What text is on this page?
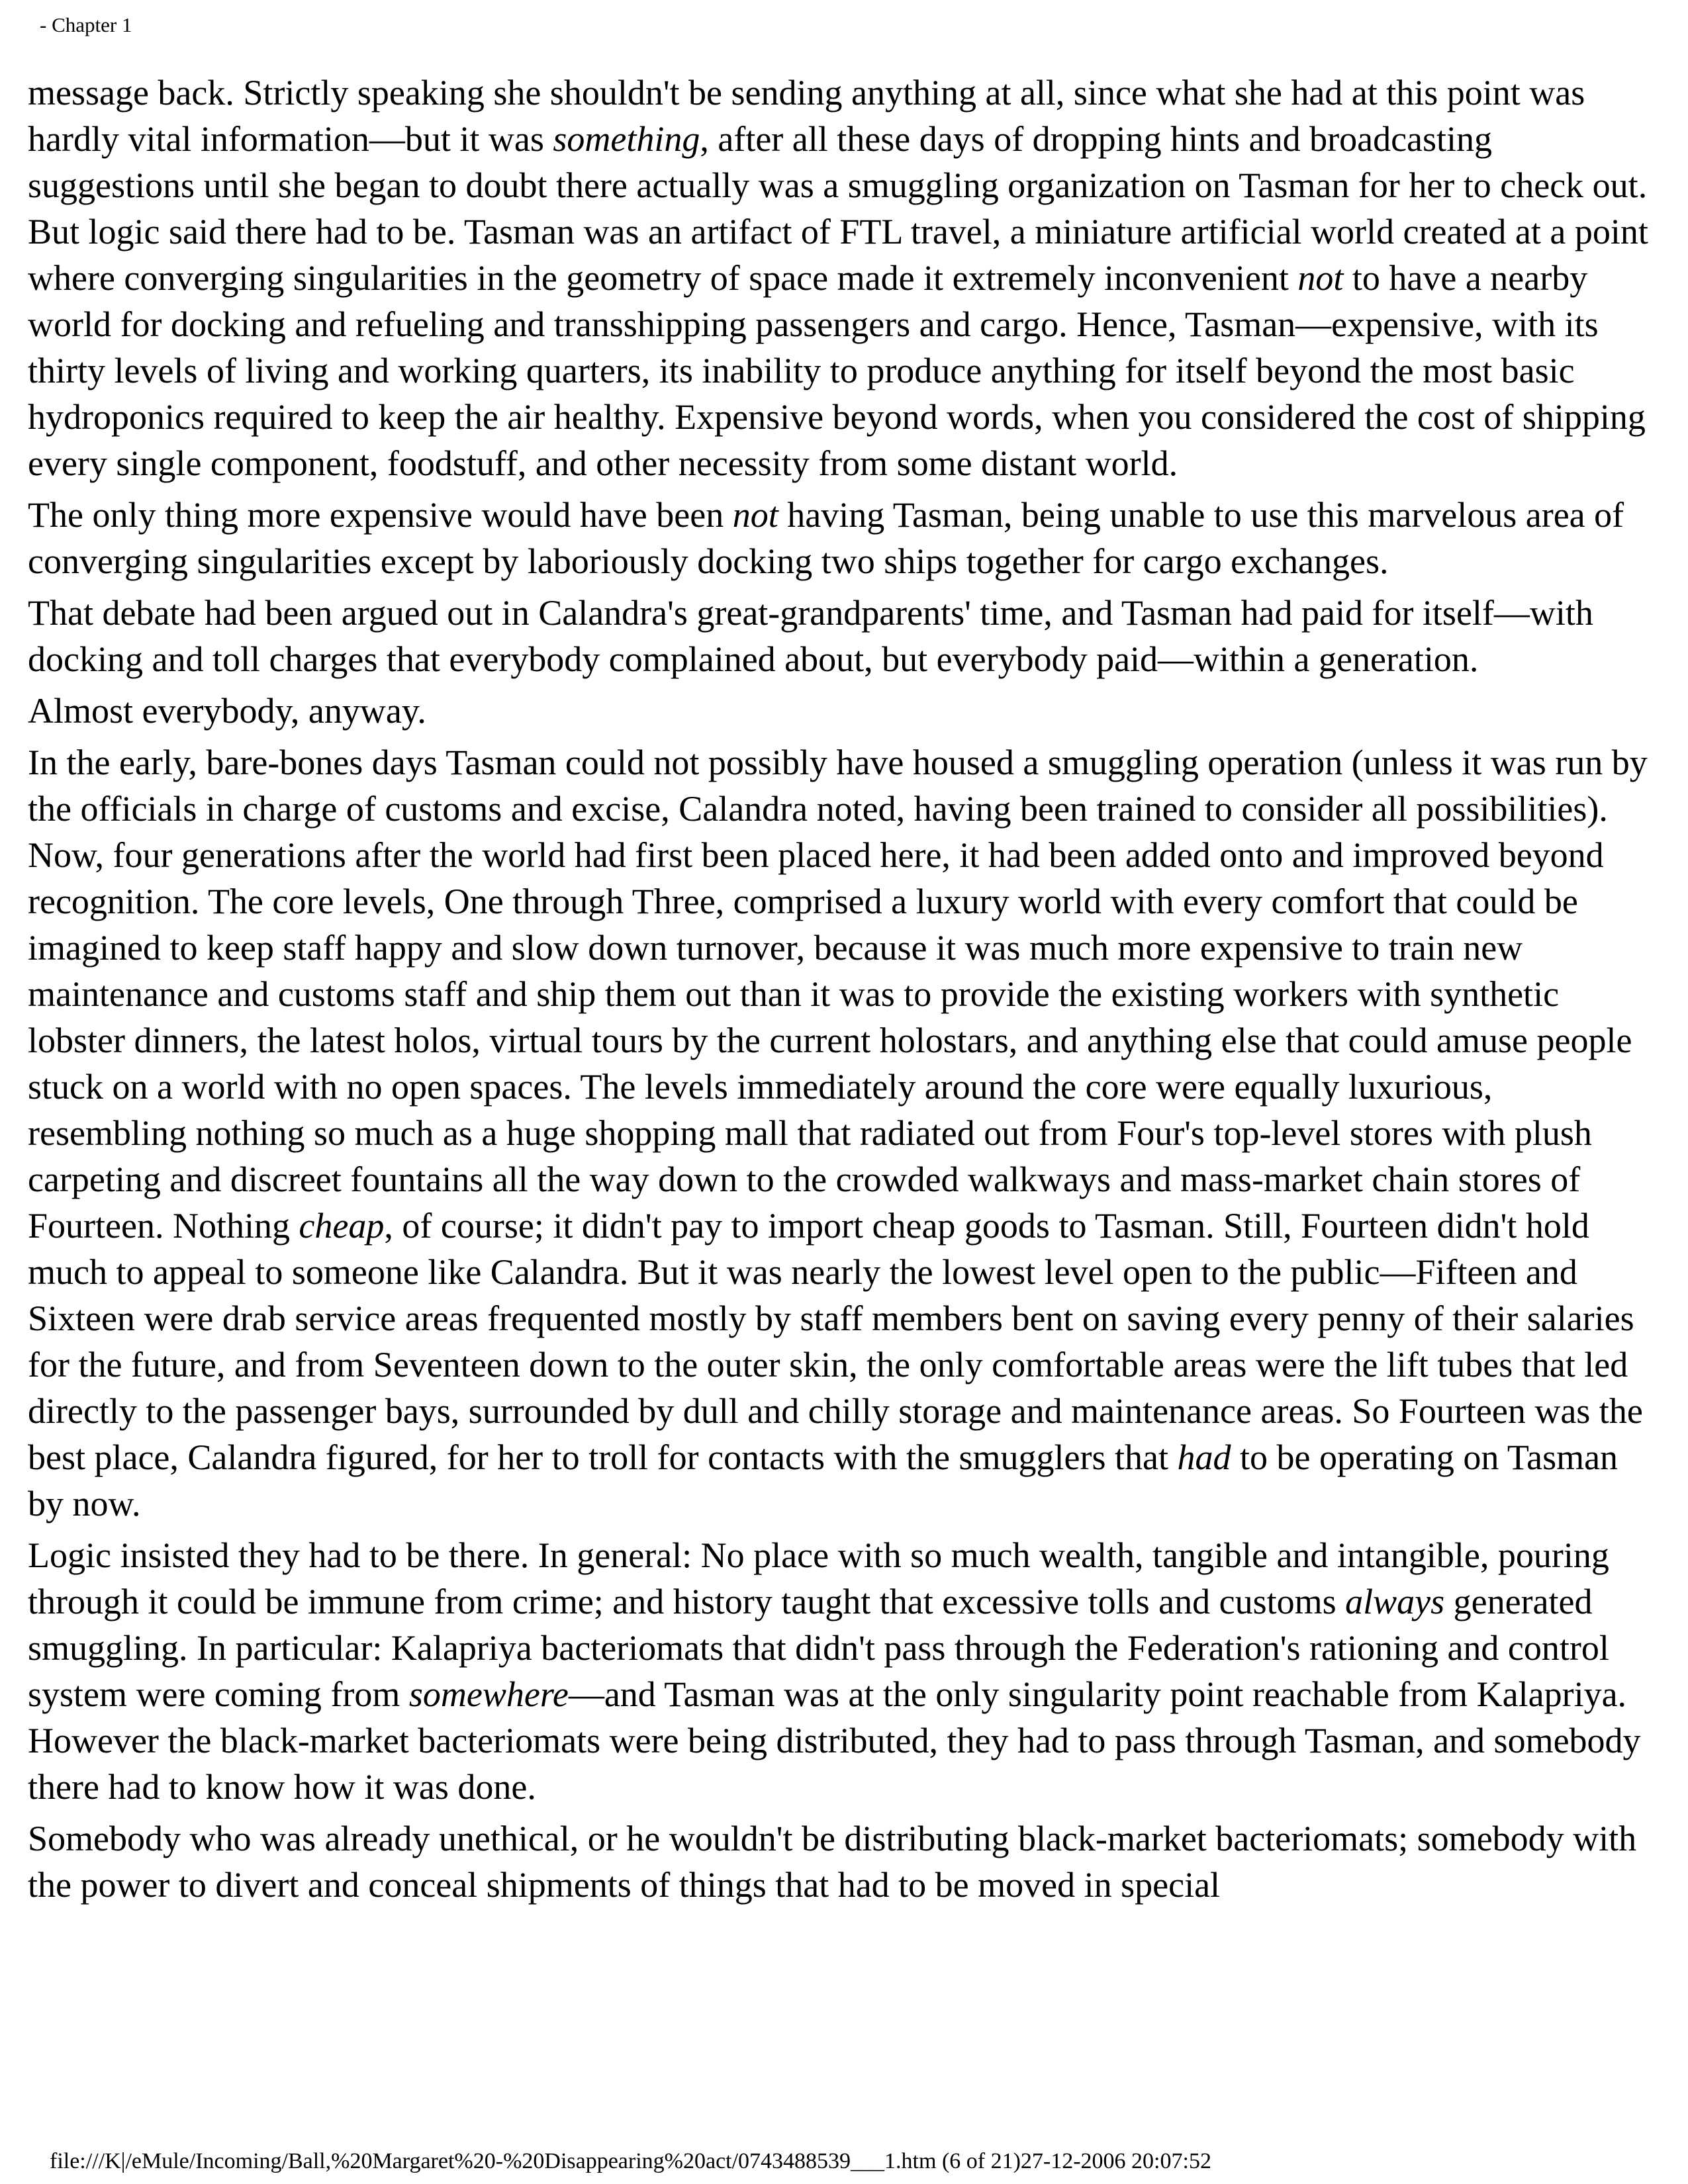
- Chapter 1

message back. Strictly speaking she shouldn't be sending anything at all, since what she had at this point was hardly vital information—but it was something, after all these days of dropping hints and broadcasting suggestions until she began to doubt there actually was a smuggling organization on Tasman for her to check out. But logic said there had to be. Tasman was an artifact of FTL travel, a miniature artificial world created at a point where converging singularities in the geometry of space made it extremely inconvenient not to have a nearby world for docking and refueling and transshipping passengers and cargo. Hence, Tasman—expensive, with its thirty levels of living and working quarters, its inability to produce anything for itself beyond the most basic hydroponics required to keep the air healthy. Expensive beyond words, when you considered the cost of shipping every single component, foodstuff, and other necessity from some distant world.

The only thing more expensive would have been not having Tasman, being unable to use this marvelous area of converging singularities except by laboriously docking two ships together for cargo exchanges.

That debate had been argued out in Calandra's great-grandparents' time, and Tasman had paid for itself—with docking and toll charges that everybody complained about, but everybody paid—within a generation.

Almost everybody, anyway.

In the early, bare-bones days Tasman could not possibly have housed a smuggling operation (unless it was run by the officials in charge of customs and excise, Calandra noted, having been trained to consider all possibilities). Now, four generations after the world had first been placed here, it had been added onto and improved beyond recognition. The core levels, One through Three, comprised a luxury world with every comfort that could be imagined to keep staff happy and slow down turnover, because it was much more expensive to train new maintenance and customs staff and ship them out than it was to provide the existing workers with synthetic lobster dinners, the latest holos, virtual tours by the current holostars, and anything else that could amuse people stuck on a world with no open spaces. The levels immediately around the core were equally luxurious, resembling nothing so much as a huge shopping mall that radiated out from Four's top-level stores with plush carpeting and discreet fountains all the way down to the crowded walkways and mass-market chain stores of Fourteen. Nothing cheap, of course; it didn't pay to import cheap goods to Tasman. Still, Fourteen didn't hold much to appeal to someone like Calandra. But it was nearly the lowest level open to the public—Fifteen and Sixteen were drab service areas frequented mostly by staff members bent on saving every penny of their salaries for the future, and from Seventeen down to the outer skin, the only comfortable areas were the lift tubes that led directly to the passenger bays, surrounded by dull and chilly storage and maintenance areas. So Fourteen was the best place, Calandra figured, for her to troll for contacts with the smugglers that had to be operating on Tasman by now.

Logic insisted they had to be there. In general: No place with so much wealth, tangible and intangible, pouring through it could be immune from crime; and history taught that excessive tolls and customs always generated smuggling. In particular: Kalapriya bacteriomats that didn't pass through the Federation's rationing and control system were coming from somewhere—and Tasman was at the only singularity point reachable from Kalapriya. However the black-market bacteriomats were being distributed, they had to pass through Tasman, and somebody there had to know how it was done.

Somebody who was already unethical, or he wouldn't be distributing black-market bacteriomats; somebody with the power to divert and conceal shipments of things that had to be moved in special

file:///K|/eMule/Incoming/Ball,%20Margaret%20-%20Disappearing%20act/0743488539___1.htm (6 of 21)27-12-2006 20:07:52
